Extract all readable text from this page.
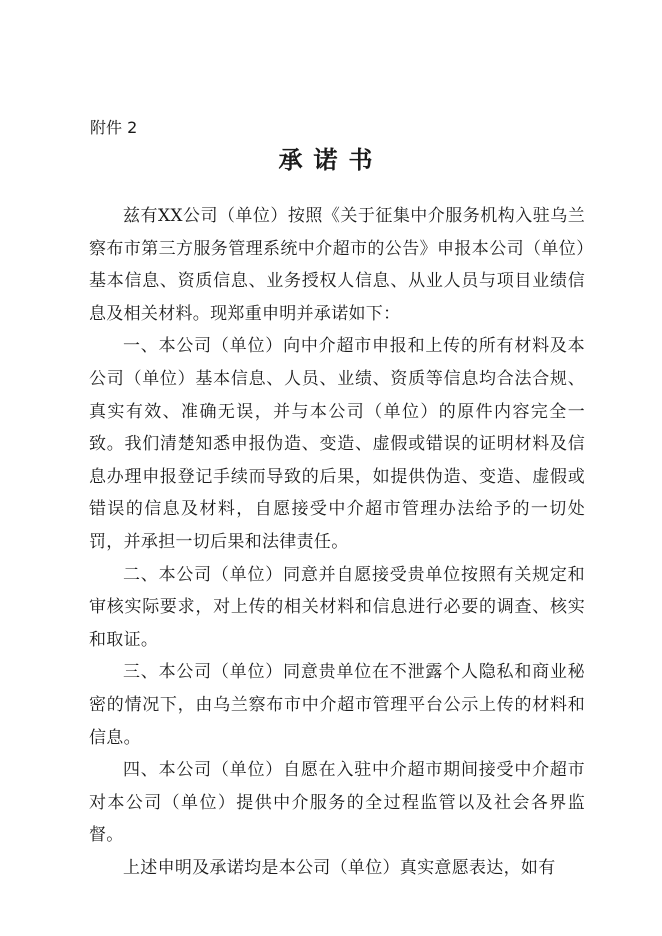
附件 2
承诺书

兹有XX公司（单位）按照《关于征集中介服务机构入驻乌兰察布市第三方服务管理系统中介超市的公告》申报本公司（单位）基本信息、资质信息、业务授权人信息、从业人员与项目业绩信息及相关材料。现郑重申明并承诺如下：

一、本公司（单位）向中介超市申报和上传的所有材料及本公司（单位）基本信息、人员、业绩、资质等信息均合法合规、真实有效、准确无误，并与本公司（单位）的原件内容完全一致。我们清楚知悉申报伪造、变造、虚假或错误的证明材料及信息办理申报登记手续而导致的后果，如提供伪造、变造、虚假或错误的信息及材料，自愿接受中介超市管理办法给予的一切处罚，并承担一切后果和法律责任。

二、本公司（单位）同意并自愿接受贵单位按照有关规定和审核实际要求，对上传的相关材料和信息进行必要的调查、核实和取证。

三、本公司（单位）同意贵单位在不泄露个人隐私和商业秘密的情况下，由乌兰察布市中介超市管理平台公示上传的材料和信息。

四、本公司（单位）自愿在入驻中介超市期间接受中介超市对本公司（单位）提供中介服务的全过程监管以及社会各界监督。

上述申明及承诺均是本公司（单位）真实意愿表达，如有
